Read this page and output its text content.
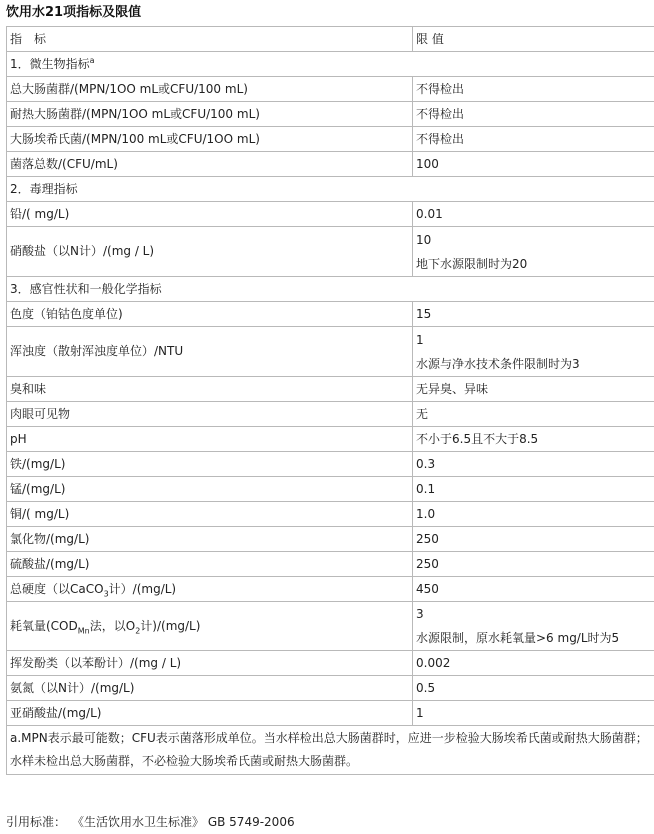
饮用水21项指标及限值
指　标	限 值
1．微生物指标$^a$
总大肠菌群/(MPN/1OO mL或CFU/100 mL)	不得检出
耐热大肠菌群/(MPN/1OO mL或CFU/100 mL)	不得检出
大肠埃希氏菌/(MPN/100 mL或CFU/1OO mL)	不得检出
菌落总数/(CFU/mL)	100
2．毒理指标	
铅/( mg/L)	0.01
硝酸盐（以N计）/(mg / L)	10
地下水源限制时为20

3．感官性状和一般化学指标	
色度（铂钴色度单位)	15
浑浊度（散射浑浊度单位）/NTU	1
水源与净水技术条件限制时为3

臭和味	无异臭、异味
肉眼可见物	无
pH	不小于6.5且不大于8.5
铁/(mg/L)	0.3
锰/(mg/L)	0.1
铜/( mg/L)	1.0
氯化物/(mg/L)	250
硫酸盐/(mg/L)	250
总硬度（以CaCO$_3$计）/(mg/L)	450
耗氧量($COD_{Mn}$法，以$O_2$计)/(mg/L)	3
水源限制，原水耗氧量>6 mg/L时为5

挥发酚类（以苯酚计）/(mg / L)	0.002
氨氮（以N计）/(mg/L)	0.5
亚硝酸盐/(mg/L)	1
a.MPN表示最可能数；CFU表示菌落形成单位。当水样检出总大肠菌群时，应进一步检验大肠埃希氏菌或耐热大肠菌群；水样未检出总大肠菌群，不必检验大肠埃希氏菌或耐热大肠菌群。	
引用标准： 《生活饮用水卫生标准》 GB 5749-2006
